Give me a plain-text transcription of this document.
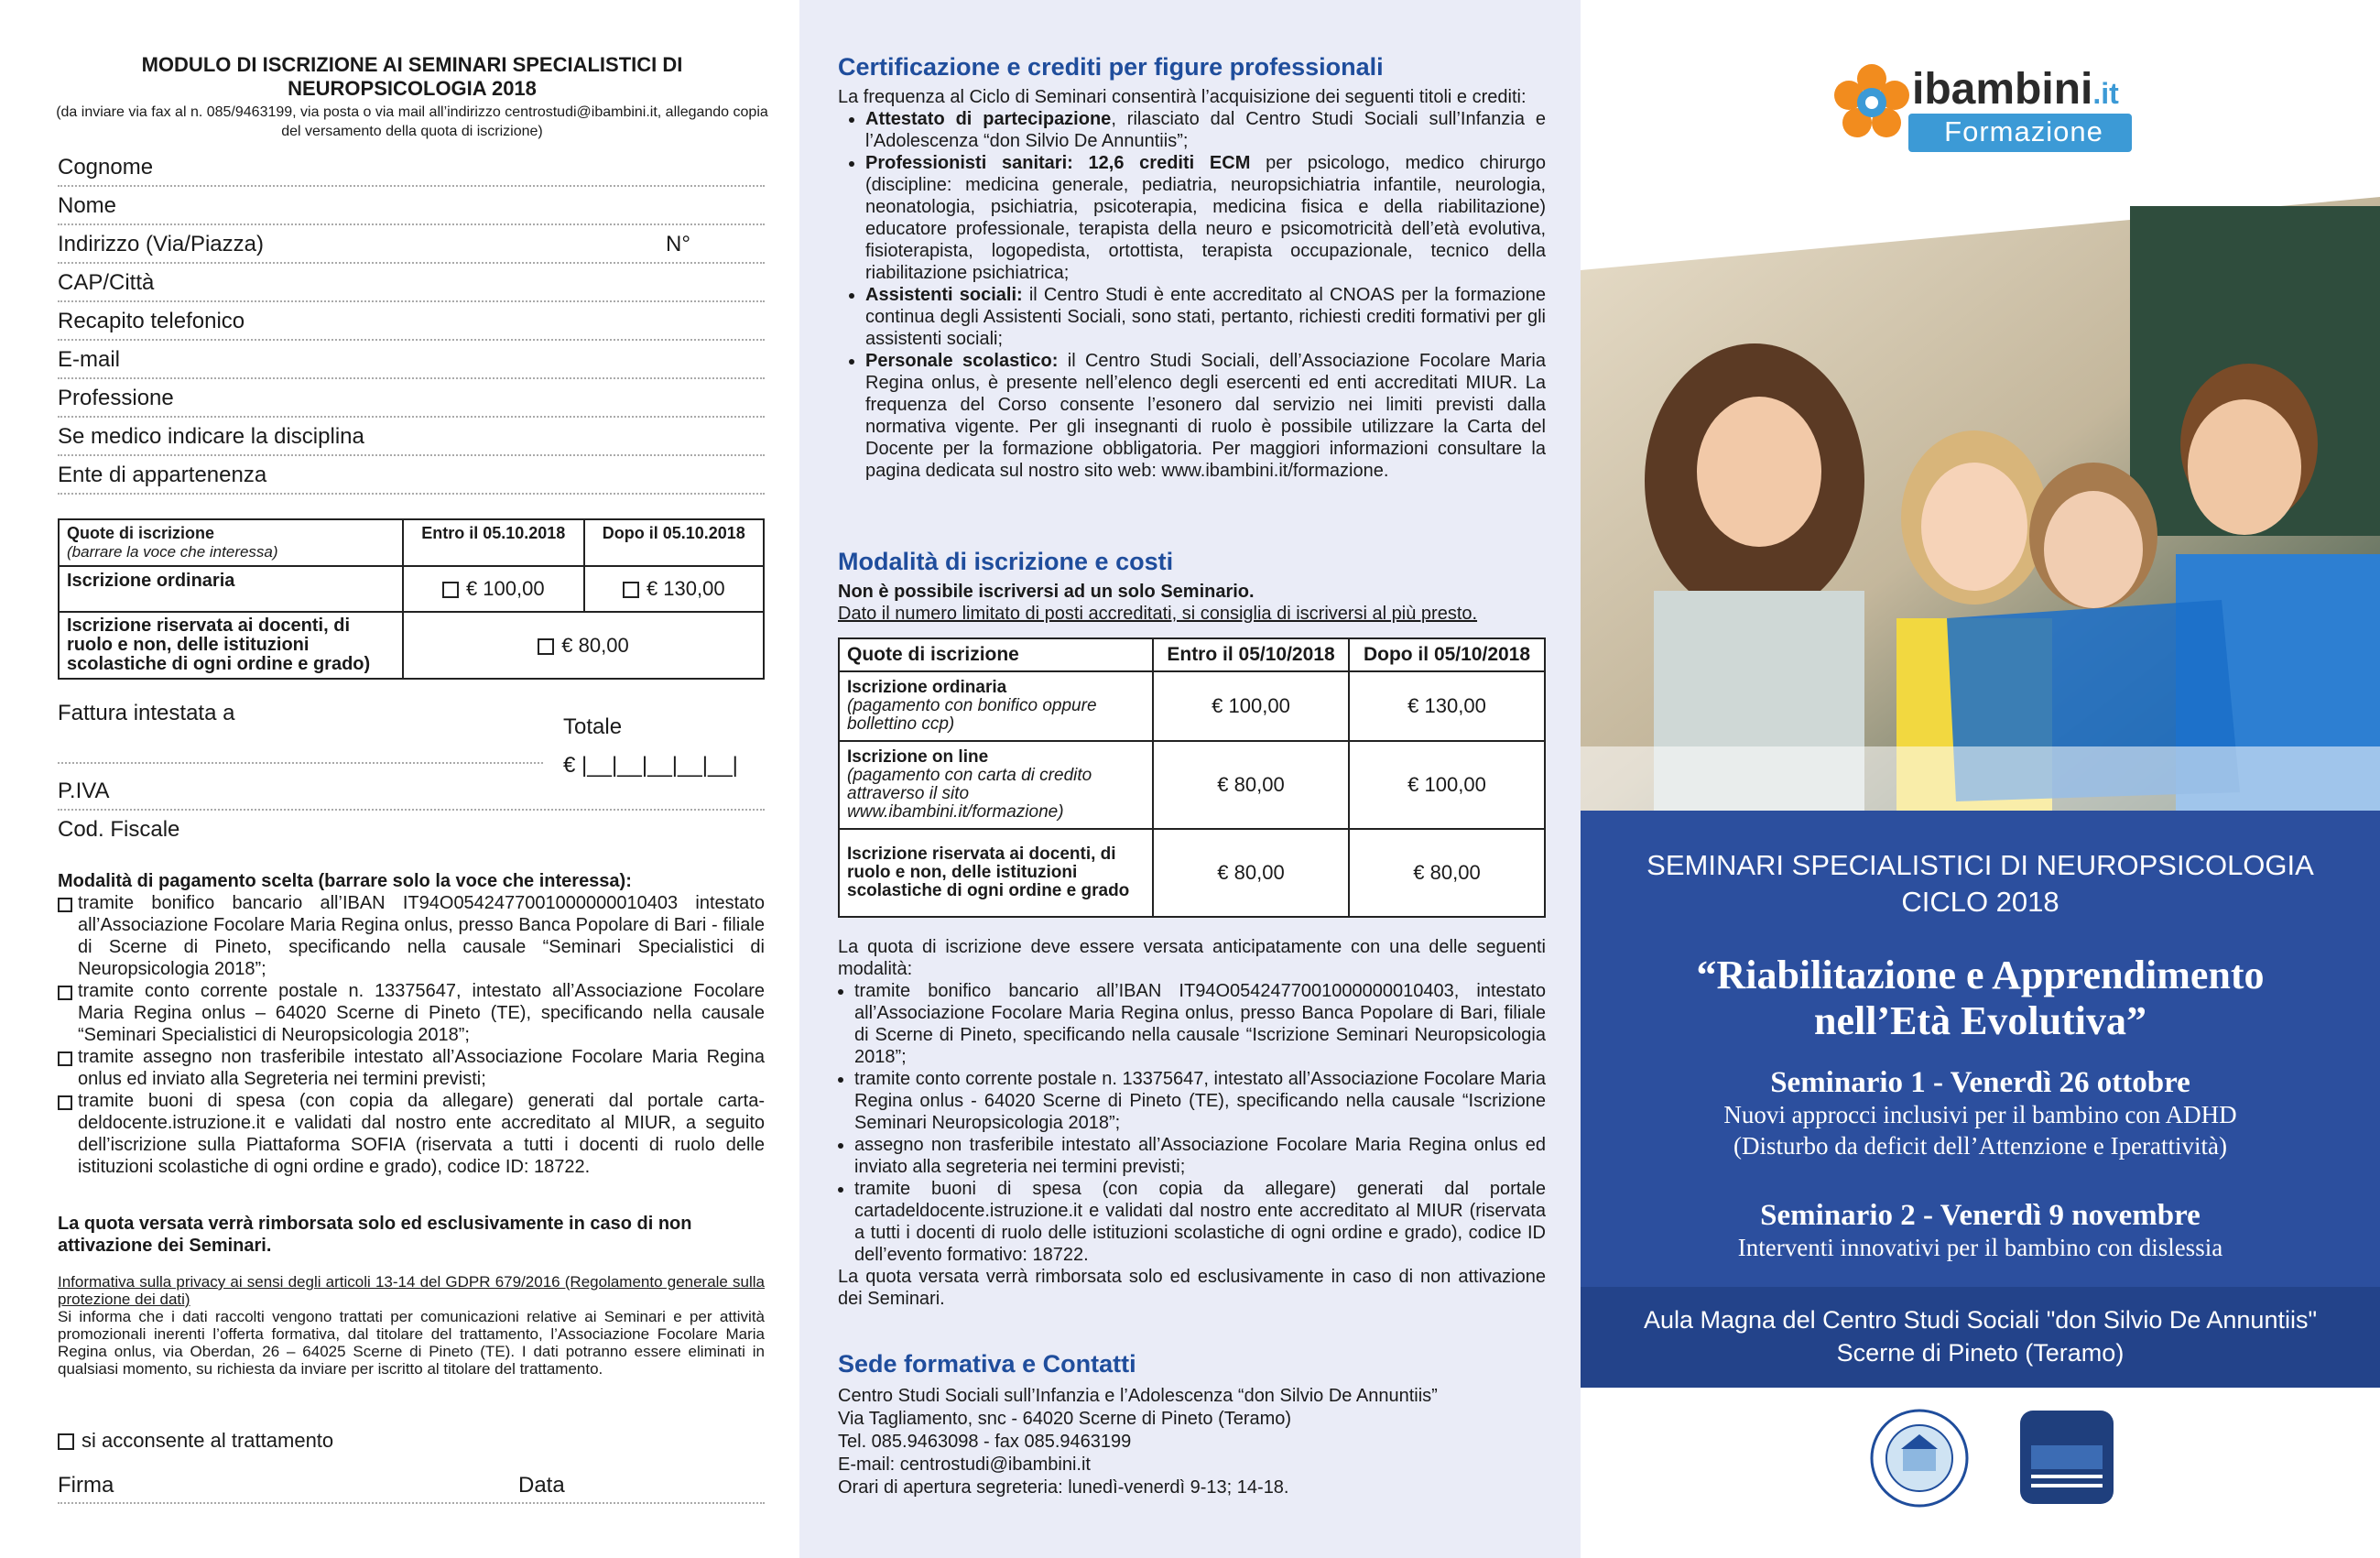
MODULO DI ISCRIZIONE AI SEMINARI SPECIALISTICI DI NEUROPSICOLOGIA 2018
(da inviare via fax al n. 085/9463199, via posta o via mail all’indirizzo centrostudi@ibambini.it, allegando copia del versamento della quota di iscrizione)
Cognome
Nome
Indirizzo (Via/Piazza)	N°
CAP/Città
Recapito telefonico
E-mail
Professione
Se medico indicare la disciplina
Ente di appartenenza
Quote di iscrizione
(barrare la voce che interessa)	Entro il 05.10.2018	Dopo il 05.10.2018
Iscrizione ordinaria	€ 100,00	€ 130,00
Iscrizione riservata ai docenti, di ruolo e non, delle istituzioni scolastiche di ogni ordine e grado)	€ 80,00	
Fattura intestata a
Totale
€ |__|__|__|__|__|
P.IVA
Cod. Fiscale

Modalità di pagamento scelta (barrare solo la voce che interessa):

tramite bonifico bancario all’IBAN IT94O0542477001000000010403 intestato all’Associazione Focolare Maria Regina onlus, presso Banca Popolare di Bari - filiale di Scerne di Pineto, specificando nella causale “Seminari Specialistici di Neuropsicologia 2018”;
tramite conto corrente postale n. 13375647, intestato all’Associazione Focolare Maria Regina onlus – 64020 Scerne di Pineto (TE), specificando nella causale “Seminari Specialistici di Neuropsicologia 2018”;
tramite assegno non trasferibile intestato all’Associazione Focolare Maria Regina onlus ed inviato alla Segreteria nei termini previsti;
tramite buoni di spesa (con copia da allegare) generati dal portale carta-deldocente.istruzione.it e validati dal nostro ente accreditato al MIUR, a seguito dell’iscrizione sulla Piattaforma SOFIA (riservata a tutti i docenti di ruolo delle istituzioni scolastiche di ogni ordine e grado), codice ID: 18722.
La quota versata verrà rimborsata solo ed esclusivamente in caso di non attivazione dei Seminari.
Informativa sulla privacy ai sensi degli articoli 13-14 del GDPR 679/2016 (Regolamento generale sulla protezione dei dati)
Si informa che i dati raccolti vengono trattati per comunicazioni relative ai Seminari e per attività promozionali inerenti l’offerta formativa, dal titolare del trattamento, l’Associazione Focolare Maria Regina onlus, via Oberdan, 26 – 64025 Scerne di Pineto (TE). I dati potranno essere eliminati in qualsiasi momento, su richiesta da inviare per iscritto al titolare del trattamento.
si acconsente al trattamento
Firma	Data
Certificazione e crediti per figure professionali
La frequenza al Ciclo di Seminari consentirà l’acquisizione dei seguenti titoli e crediti:
• Attestato di partecipazione, rilasciato dal Centro Studi Sociali sull’Infanzia e l’Adolescenza “don Silvio De Annuntiis”;
• Professionisti sanitari: 12,6 crediti ECM per psicologo, medico chirurgo (discipline: medicina generale, pediatria, neuropsichiatria infantile, neurologia, neonatologia, psichiatria, psicoterapia, medicina fisica e della riabilitazione) educatore professionale, terapista della neuro e psicomotricità dell’età evolutiva, fisioterapista, logopedista, ortottista, terapista occupazionale, tecnico della riabilitazione psichiatrica;
• Assistenti sociali: il Centro Studi è ente accreditato al CNOAS per la formazione continua degli Assistenti Sociali, sono stati, pertanto, richiesti crediti formativi per gli assistenti sociali;
• Personale scolastico: il Centro Studi Sociali, dell’Associazione Focolare Maria Regina onlus, è presente nell’elenco degli esercenti ed enti accreditati MIUR. La frequenza del Corso consente l’esonero dal servizio nei limiti previsti dalla normativa vigente. Per gli insegnanti di ruolo è possibile utilizzare la Carta del Docente per la formazione obbligatoria. Per maggiori informazioni consultare la pagina dedicata sul nostro sito web: www.ibambini.it/formazione.
Modalità di iscrizione e costi
Non è possibile iscriversi ad un solo Seminario.
Dato il numero limitato di posti accreditati, si consiglia di iscriversi al più presto.
Quote di iscrizione	Entro il 05/10/2018	Dopo il 05/10/2018
Iscrizione ordinaria
(pagamento con bonifico oppure bollettino ccp)	€ 100,00	€ 130,00
Iscrizione on line
(pagamento con carta di credito attraverso il sito www.ibambini.it/formazione)	€ 80,00	€ 100,00
Iscrizione riservata ai docenti, di ruolo e non, delle istituzioni scolastiche di ogni ordine e grado	€ 80,00	€ 80,00
La quota di iscrizione deve essere versata anticipatamente con una delle seguenti modalità:
• tramite bonifico bancario all’IBAN IT94O0542477001000000010403, intestato all’Associazione Focolare Maria Regina onlus, presso Banca Popolare di Bari, filiale di Scerne di Pineto, specificando nella causale “Iscrizione Seminari Neuropsicologia 2018”;
• tramite conto corrente postale n. 13375647, intestato all’Associazione Focolare Maria Regina onlus - 64020 Scerne di Pineto (TE), specificando nella causale “Iscrizione Seminari Neuropsicologia 2018”;
• assegno non trasferibile intestato all’Associazione Focolare Maria Regina onlus ed inviato alla segreteria nei termini previsti;
• tramite buoni di spesa (con copia da allegare) generati dal portale cartadeldocente.istruzione.it e validati dal nostro ente accreditato al MIUR (riservata a tutti i docenti di ruolo delle istituzioni scolastiche di ogni ordine e grado), codice ID dell’evento formativo: 18722.
La quota versata verrà rimborsata solo ed esclusivamente in caso di non attivazione dei Seminari.
Sede formativa e Contatti
Centro Studi Sociali sull’Infanzia e l’Adolescenza “don Silvio De Annuntiis”
Via Tagliamento, snc - 64020 Scerne di Pineto (Teramo)
Tel. 085.9463098 - fax 085.9463199
E-mail: centrostudi@ibambini.it
Orari di apertura segreteria: lunedì-venerdì 9-13; 14-18.
ibambini.it
Formazione
SEMINARI SPECIALISTICI DI NEUROPSICOLOGIA
CICLO 2018
“Riabilitazione e Apprendimento
nell’Età Evolutiva”
Seminario 1 - Venerdì 26 ottobre
Nuovi approcci inclusivi per il bambino con ADHD
(Disturbo da deficit dell’Attenzione e Iperattività)
Seminario 2 - Venerdì 9 novembre
Interventi innovativi per il bambino con dislessia
Aula Magna del Centro Studi Sociali "don Silvio De Annuntiis"
Scerne di Pineto (Teramo)
